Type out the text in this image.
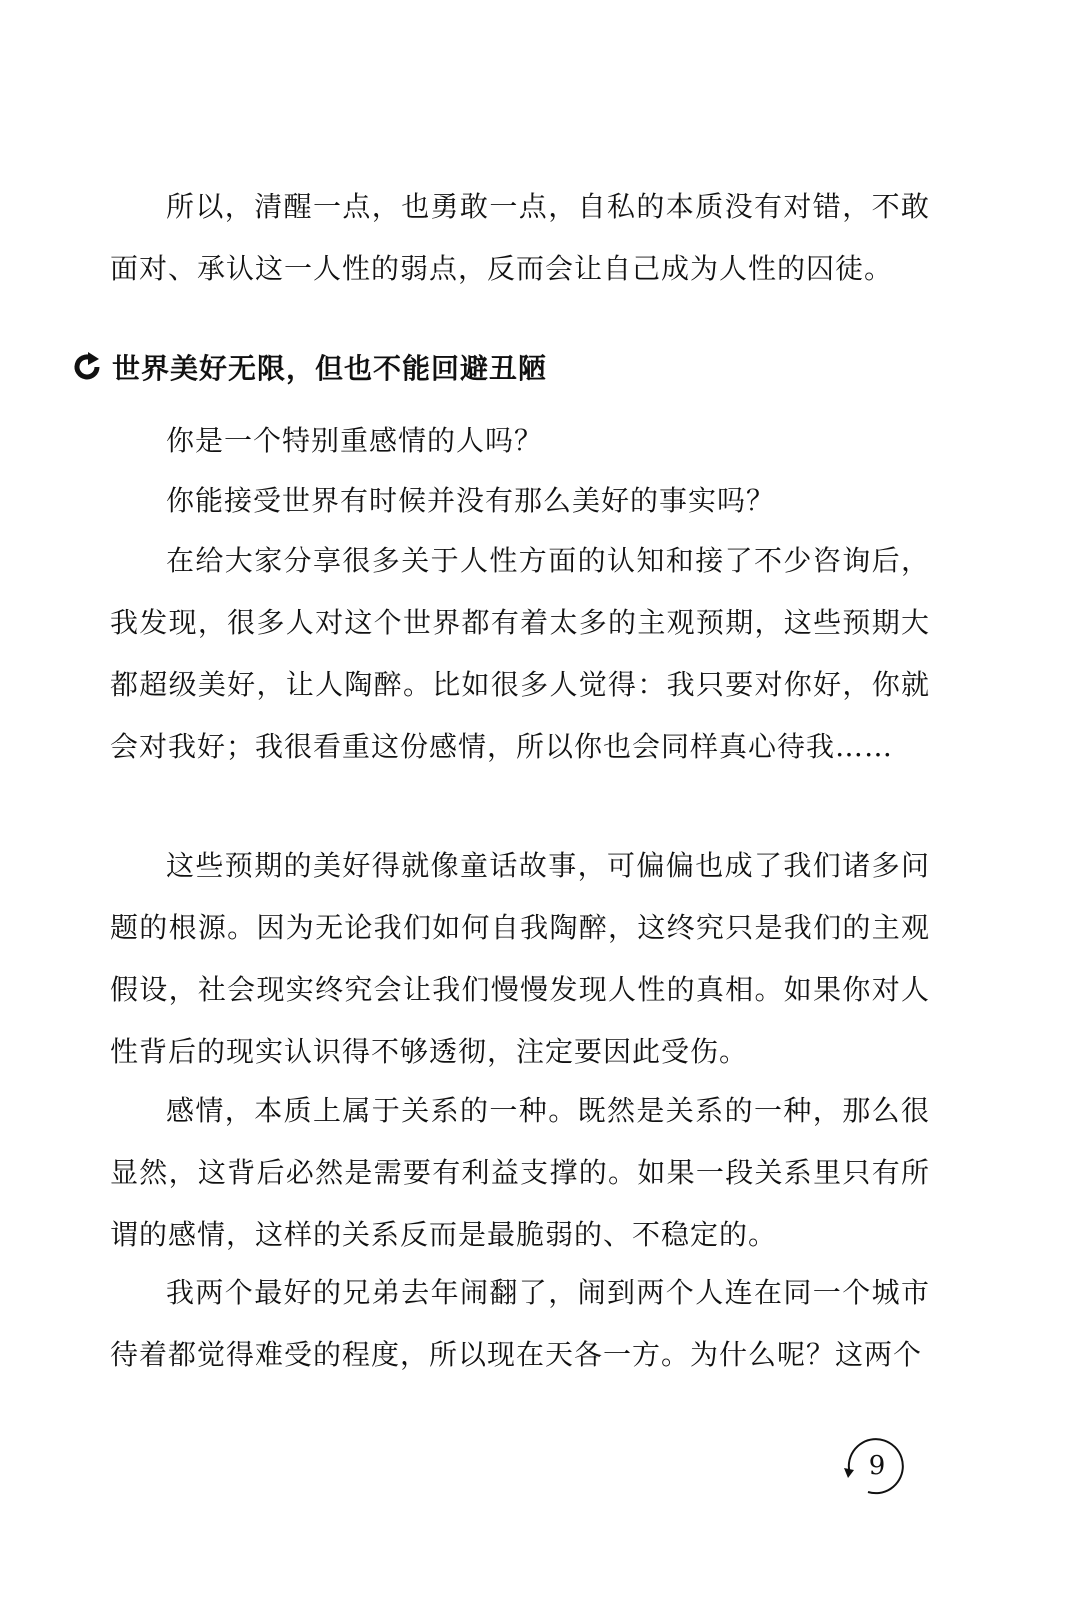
所以，清醒一点，也勇敢一点，自私的本质没有对错，不敢面对、承认这一人性的弱点，反而会让自己成为人性的囚徒。

世界美好无限，但也不能回避丑陋

你是一个特别重感情的人吗？

你能接受世界有时候并没有那么美好的事实吗？

在给大家分享很多关于人性方面的认知和接了不少咨询后，我发现，很多人对这个世界都有着太多的主观预期，这些预期大都超级美好，让人陶醉。比如很多人觉得：我只要对你好，你就会对我好；我很看重这份感情，所以你也会同样真心待我……

这些预期的美好得就像童话故事，可偏偏也成了我们诸多问题的根源。因为无论我们如何自我陶醉，这终究只是我们的主观假设，社会现实终究会让我们慢慢发现人性的真相。如果你对人性背后的现实认识得不够透彻，注定要因此受伤。

感情，本质上属于关系的一种。既然是关系的一种，那么很显然，这背后必然是需要有利益支撑的。如果一段关系里只有所谓的感情，这样的关系反而是最脆弱的、不稳定的。

我两个最好的兄弟去年闹翻了，闹到两个人连在同一个城市待着都觉得难受的程度，所以现在天各一方。为什么呢？这两个

9
